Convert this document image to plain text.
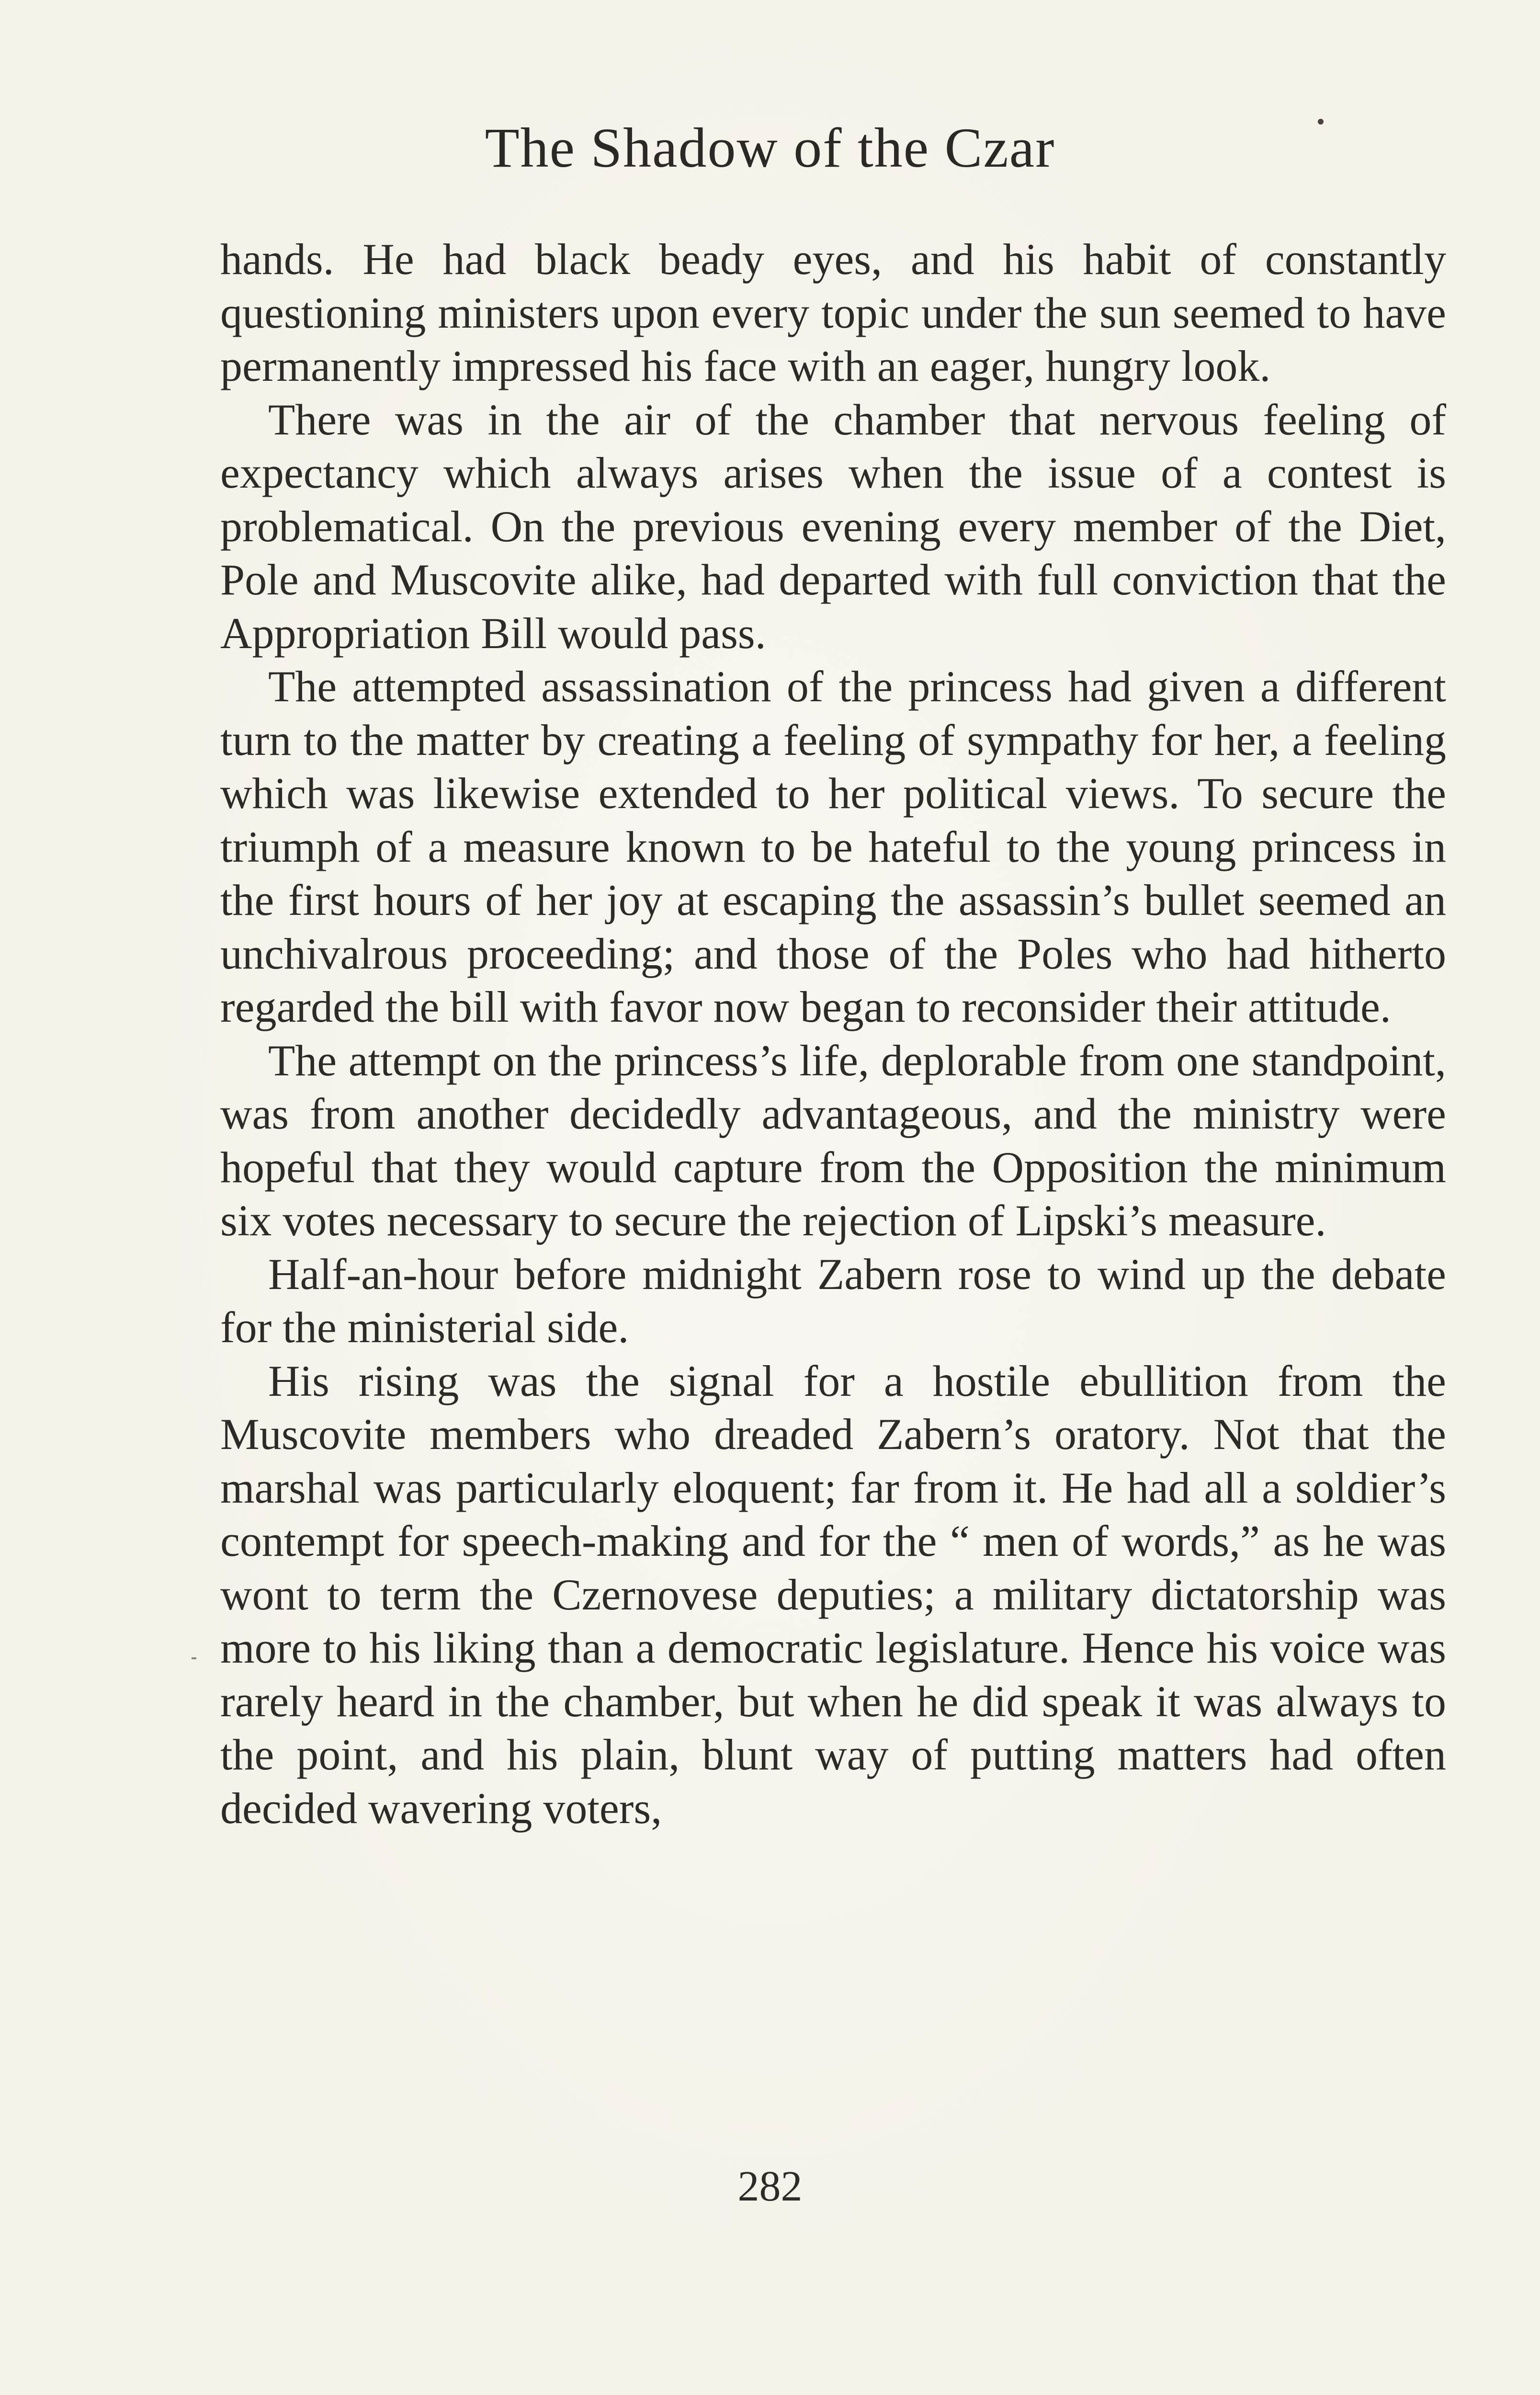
The Shadow of the Czar

hands. He had black beady eyes, and his habit of constantly questioning ministers upon every topic under the sun seemed to have permanently impressed his face with an eager, hungry look.

There was in the air of the chamber that nervous feeling of expectancy which always arises when the issue of a contest is problematical. On the previous evening every member of the Diet, Pole and Muscovite alike, had departed with full conviction that the Appropriation Bill would pass.

The attempted assassination of the princess had given a different turn to the matter by creating a feeling of sympathy for her, a feeling which was likewise extended to her political views. To secure the triumph of a measure known to be hateful to the young princess in the first hours of her joy at escaping the assassin’s bullet seemed an unchivalrous proceeding; and those of the Poles who had hitherto regarded the bill with favor now began to reconsider their attitude.

The attempt on the princess’s life, deplorable from one standpoint, was from another decidedly advantageous, and the ministry were hopeful that they would capture from the Opposition the minimum six votes necessary to secure the rejection of Lipski’s measure.

Half-an-hour before midnight Zabern rose to wind up the debate for the ministerial side.

His rising was the signal for a hostile ebullition from the Muscovite members who dreaded Zabern’s oratory. Not that the marshal was particularly eloquent; far from it. He had all a soldier’s contempt for speech-making and for the “ men of words,” as he was wont to term the Czernovese deputies; a military dictatorship was more to his liking than a democratic legislature. Hence his voice was rarely heard in the chamber, but when he did speak it was always to the point, and his plain, blunt way of putting matters had often decided wavering voters,

282
